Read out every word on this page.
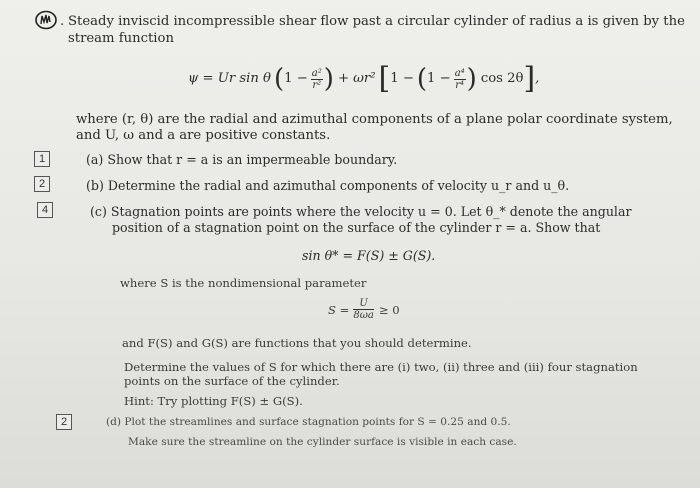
. Steady inviscid incompressible shear flow past a circular cylinder of radius a is given by the
stream function
ψ = Ur sin θ ( $1 - \frac{\text{a²}}{\text{r²}}$ ) + ωr² [ 1 − ( $1 - \frac{\text{a⁴}}{\text{r⁴}}$ ) cos 2θ ] ,
where (r, θ) are the radial and azimuthal components of a plane polar coordinate system,
and U, ω and a are positive constants.
1	(a) Show that r = a is an impermeable boundary.
2	(b) Determine the radial and azimuthal components of velocity u_r and u_θ.
4	(c) Stagnation points are points where the velocity u = 0. Let θ_* denote the angular
position of a stagnation point on the surface of the cylinder r = a. Show that
sin θ* = F(S) ± G(S).
where S is the nondimensional parameter
$S = \frac{U}{8\omega a} \ge 0$
and F(S) and G(S) are functions that you should determine.
Determine the values of S for which there are (i) two, (ii) three and (iii) four stagnation
points on the surface of the cylinder.
Hint: Try plotting F(S) ± G(S).
2	(d) Plot the streamlines and surface stagnation points for S = 0.25 and 0.5.
Make sure the streamline on the cylinder surface is visible in each case.
